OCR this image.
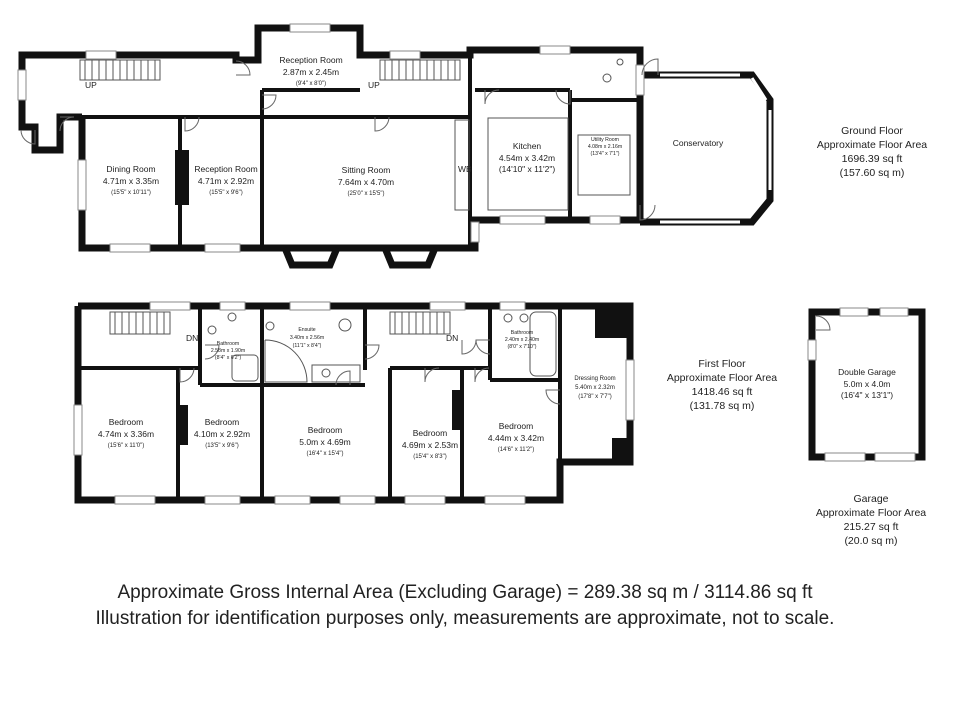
UP	UP
WB
Reception Room
2.87m x 2.45m
(9'4" x 8'0")
Dining Room
4.71m x 3.35m
(15'5" x 10'11")
Reception Room
4.71m x 2.92m
(15'5" x 9'6")
Sitting Room
7.64m x 4.70m
(25'0" x 15'5")
Kitchen
4.54m x 3.42m
(14'10" x 11'2")
Utility Room
4.08m x 2.16m
(13'4" x 7'1")
Conservatory
Ground Floor
Approximate Floor Area
1696.39 sq ft
(157.60 sq m)
DN	DN
Bathroom
2.58m x 1.90m
(8'4" x 6'2")
Ensuite
3.40m x 2.56m
(11'1" x 8'4")
Bathroom
2.40m x 2.40m
(8'0" x 7'10")
Dressing Room
5.40m x 2.32m
(17'8" x 7'7")
Bedroom
4.74m x 3.36m
(15'6" x 11'0")
Bedroom
4.10m x 2.92m
(13'5" x 9'6")
Bedroom
5.0m x 4.69m
(16'4" x 15'4")
Bedroom
4.69m x 2.53m
(15'4" x 8'3")
Bedroom
4.44m x 3.42m
(14'6" x 11'2")
First Floor
Approximate Floor Area
1418.46 sq ft
(131.78 sq m)
Double Garage
5.0m x 4.0m
(16'4" x 13'1")
Garage
Approximate Floor Area
215.27 sq ft
(20.0 sq m)
Approximate Gross Internal Area (Excluding Garage) = 289.38 sq m / 3114.86 sq ft
Illustration for identification purposes only, measurements are approximate, not to scale.
